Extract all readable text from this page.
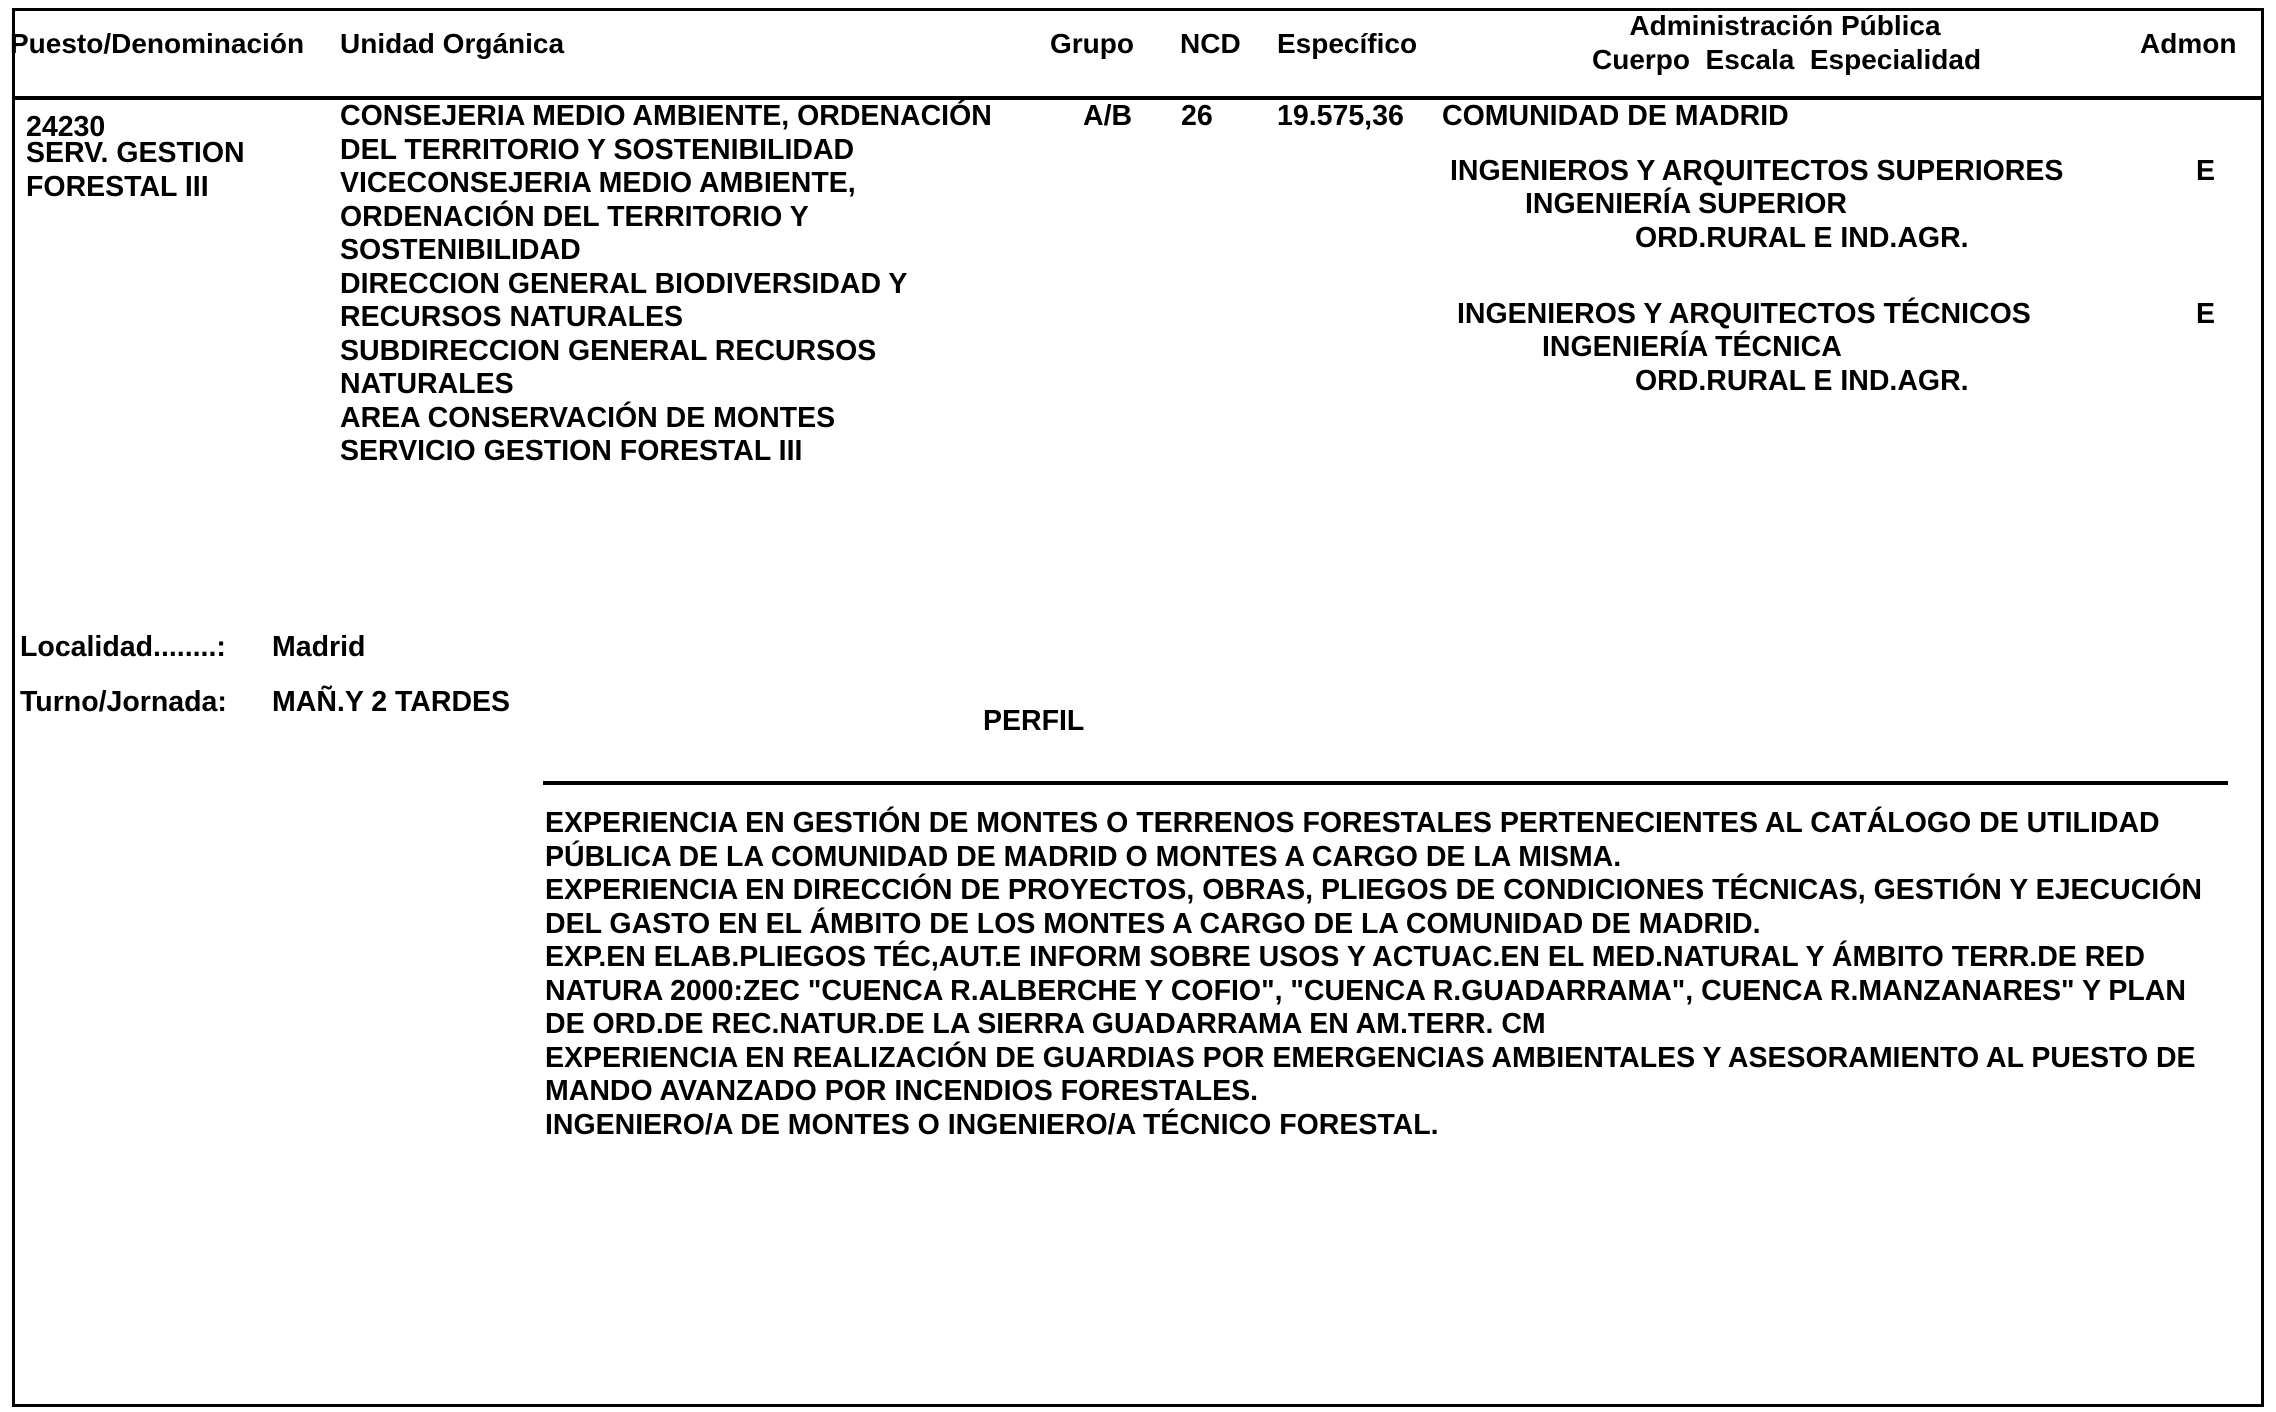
Puesto/Denominación Unidad Orgánica	Grupo NCD Específico
Administración Pública
Cuerpo  Escala  Especialidad
Admon
24230
SERV. GESTION
FORESTAL III
CONSEJERIA MEDIO AMBIENTE, ORDENACIÓN
DEL TERRITORIO Y SOSTENIBILIDAD
VICECONSEJERIA MEDIO AMBIENTE,
ORDENACIÓN DEL TERRITORIO Y
SOSTENIBILIDAD
DIRECCION GENERAL BIODIVERSIDAD Y
RECURSOS NATURALES
SUBDIRECCION GENERAL RECURSOS
NATURALES
AREA CONSERVACIÓN DE MONTES
SERVICIO GESTION FORESTAL III
A/B 26 19.575,36 COMUNIDAD DE MADRID
INGENIEROS Y ARQUITECTOS SUPERIORES
INGENIERÍA SUPERIOR
ORD.RURAL E IND.AGR.
E
INGENIEROS Y ARQUITECTOS TÉCNICOS
INGENIERÍA TÉCNICA
ORD.RURAL E IND.AGR.
E
Localidad........: Madrid
Turno/Jornada: MAÑ.Y 2 TARDES
PERFIL
EXPERIENCIA EN GESTIÓN DE MONTES O TERRENOS FORESTALES PERTENECIENTES AL CATÁLOGO DE UTILIDAD
PÚBLICA DE LA COMUNIDAD DE MADRID O MONTES A CARGO DE LA MISMA.
EXPERIENCIA EN DIRECCIÓN DE PROYECTOS, OBRAS, PLIEGOS DE CONDICIONES TÉCNICAS, GESTIÓN Y EJECUCIÓN
DEL GASTO EN EL ÁMBITO DE LOS MONTES A CARGO DE LA COMUNIDAD DE MADRID.
EXP.EN ELAB.PLIEGOS TÉC,AUT.E INFORM SOBRE USOS Y ACTUAC.EN EL MED.NATURAL Y ÁMBITO TERR.DE RED
NATURA 2000:ZEC "CUENCA R.ALBERCHE Y COFIO", "CUENCA R.GUADARRAMA", CUENCA R.MANZANARES" Y PLAN
DE ORD.DE REC.NATUR.DE LA SIERRA GUADARRAMA EN AM.TERR. CM
EXPERIENCIA EN REALIZACIÓN DE GUARDIAS POR EMERGENCIAS AMBIENTALES Y ASESORAMIENTO AL PUESTO DE
MANDO AVANZADO POR INCENDIOS FORESTALES.
INGENIERO/A DE MONTES O INGENIERO/A TÉCNICO FORESTAL.
